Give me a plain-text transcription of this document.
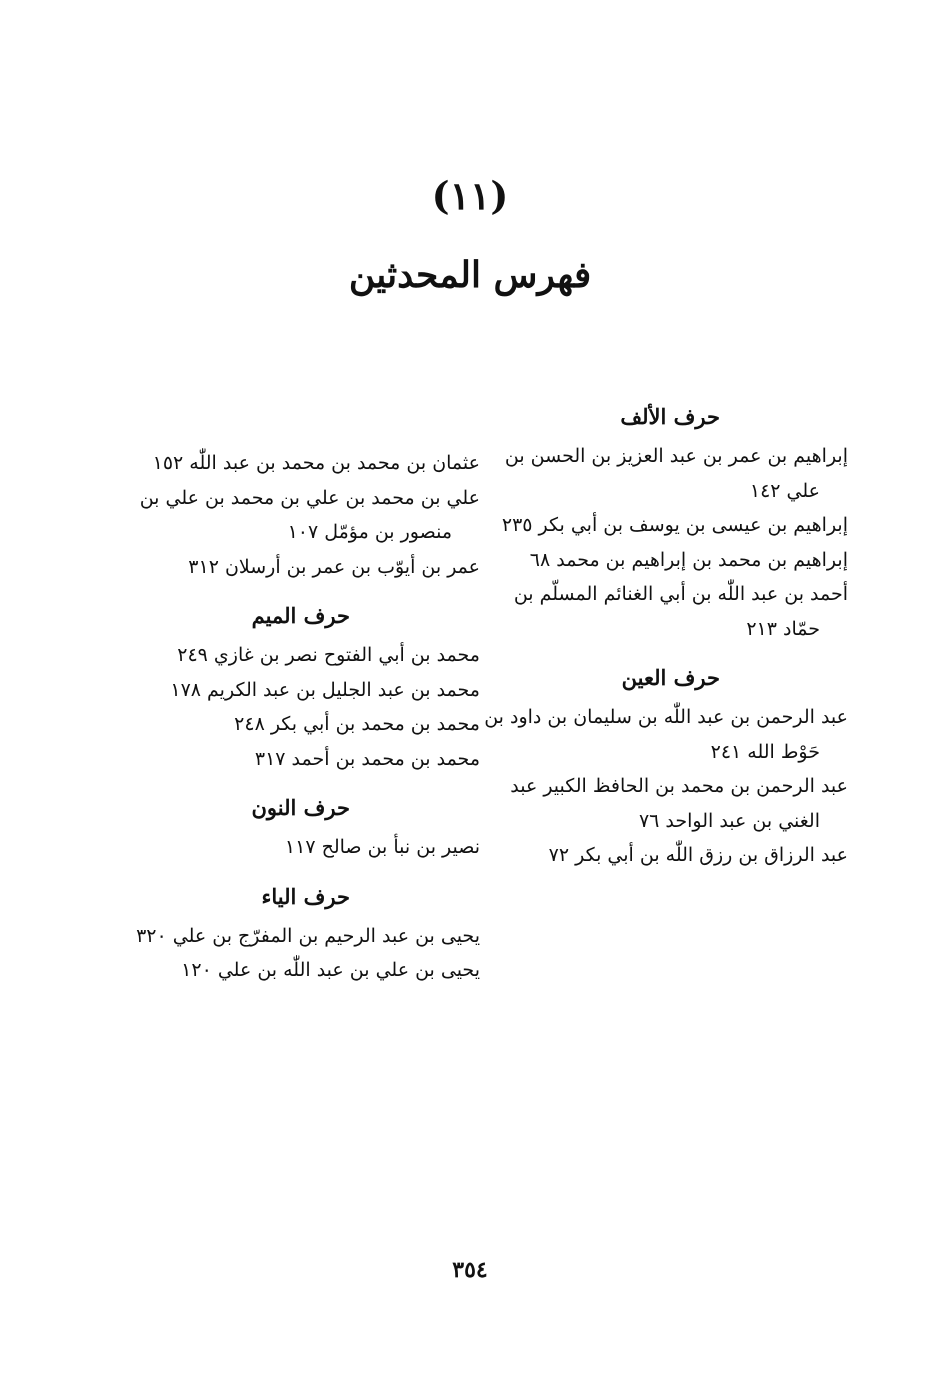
(١١)
فهرس المحدثين
حرف الألف
إبراهيم بن عمر بن عبد العزيز بن الحسن بن
علي ١٤٢
إبراهيم بن عيسى بن يوسف بن أبي بكر ٢٣٥
إبراهيم بن محمد بن إبراهيم بن محمد ٦٨
أحمد بن عبد اللّٰه بن أبي الغنائم المسلّم بن
حمّاد ٢١٣
حرف العين
عبد الرحمن بن عبد اللّٰه بن سليمان بن داود بن
حَوْط الله ٢٤١
عبد الرحمن بن محمد بن الحافظ الكبير عبد
الغني بن عبد الواحد ٧٦
عبد الرزاق بن رزق اللّٰه بن أبي بكر ٧٢
عثمان بن محمد بن محمد بن عبد اللّٰه ١٥٢
علي بن محمد بن علي بن محمد بن علي بن
منصور بن مؤمّل ١٠٧
عمر بن أيوّب بن عمر بن أرسلان ٣١٢
حرف الميم
محمد بن أبي الفتوح نصر بن غازي ٢٤٩
محمد بن عبد الجليل بن عبد الكريم ١٧٨
محمد بن محمد بن أبي بكر ٢٤٨
محمد بن محمد بن أحمد ٣١٧
حرف النون
نصير بن نبأ بن صالح ١١٧
حرف الياء
يحيى بن عبد الرحيم بن المفرّج بن علي ٣٢٠
يحيى بن علي بن عبد اللّٰه بن علي ١٢٠
٣٥٤
